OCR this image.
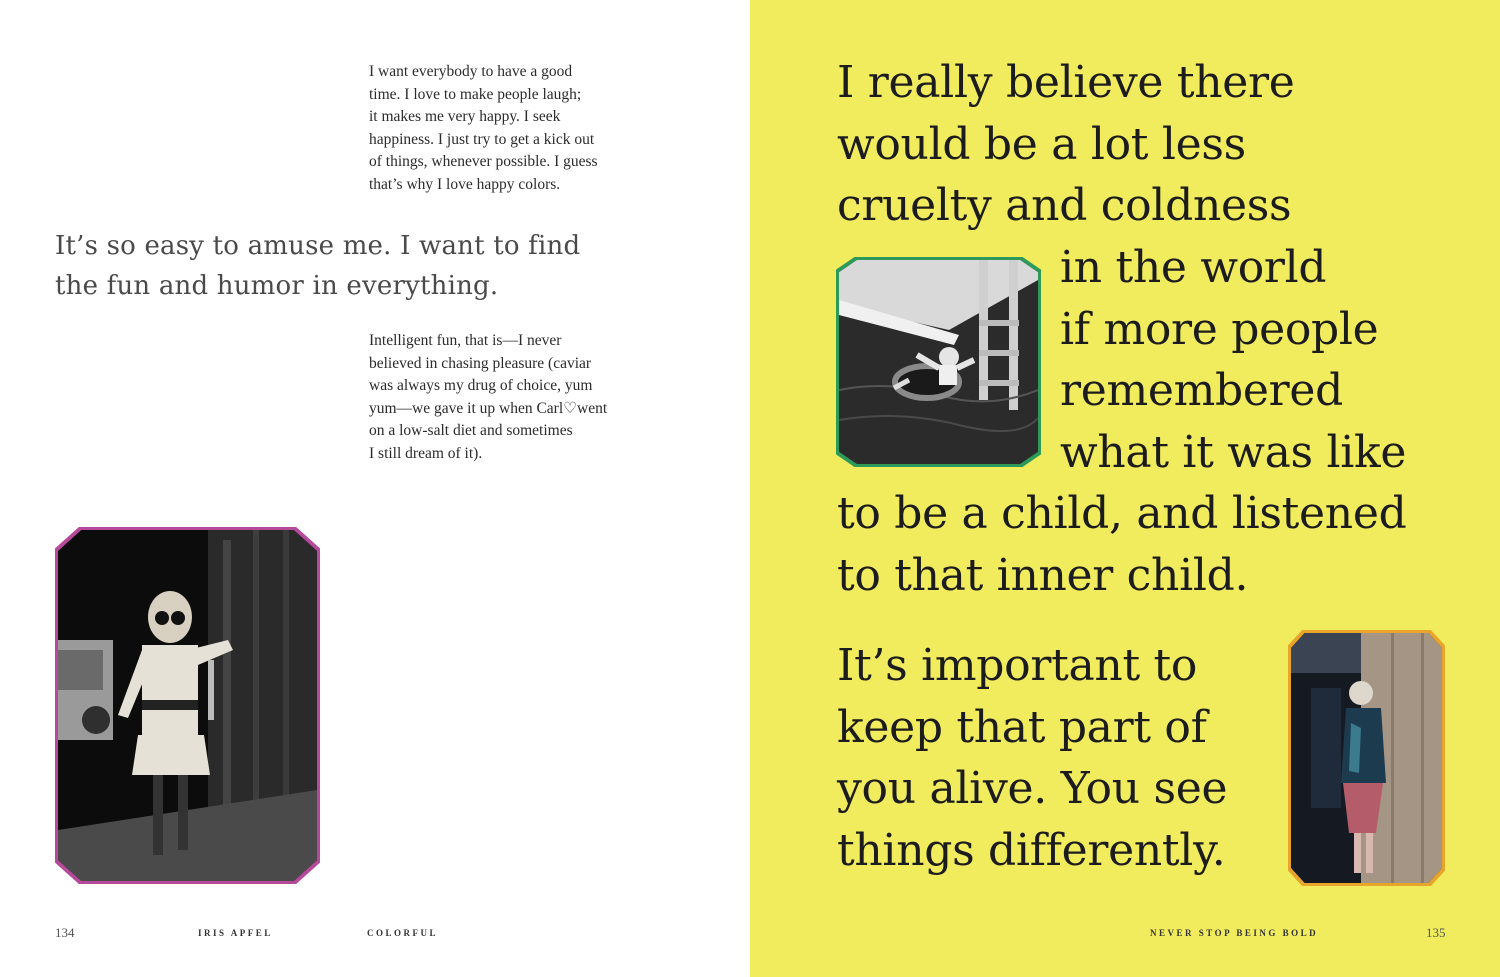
I want everybody to have a good
time. I love to make people laugh;
it makes me very happy. I seek
happiness. I just try to get a kick out
of things, whenever possible. I guess
that’s why I love happy colors.

It’s so easy to amuse me. I want to find
the fun and humor in everything.

Intelligent fun, that is—I never
believed in chasing pleasure (caviar
was always my drug of choice, yum
yum—we gave it up when Carl♡went
on a low-salt diet and sometimes
I still dream of it).

134	IRIS APFEL	COLORFUL

I really believe there
would be a lot less
cruelty and coldness

in the world
if more people
remembered
what it was like

to be a child, and listened
to that inner child.

It’s important to
keep that part of
you alive. You see
things differently.

NEVER STOP BEING BOLD	135
